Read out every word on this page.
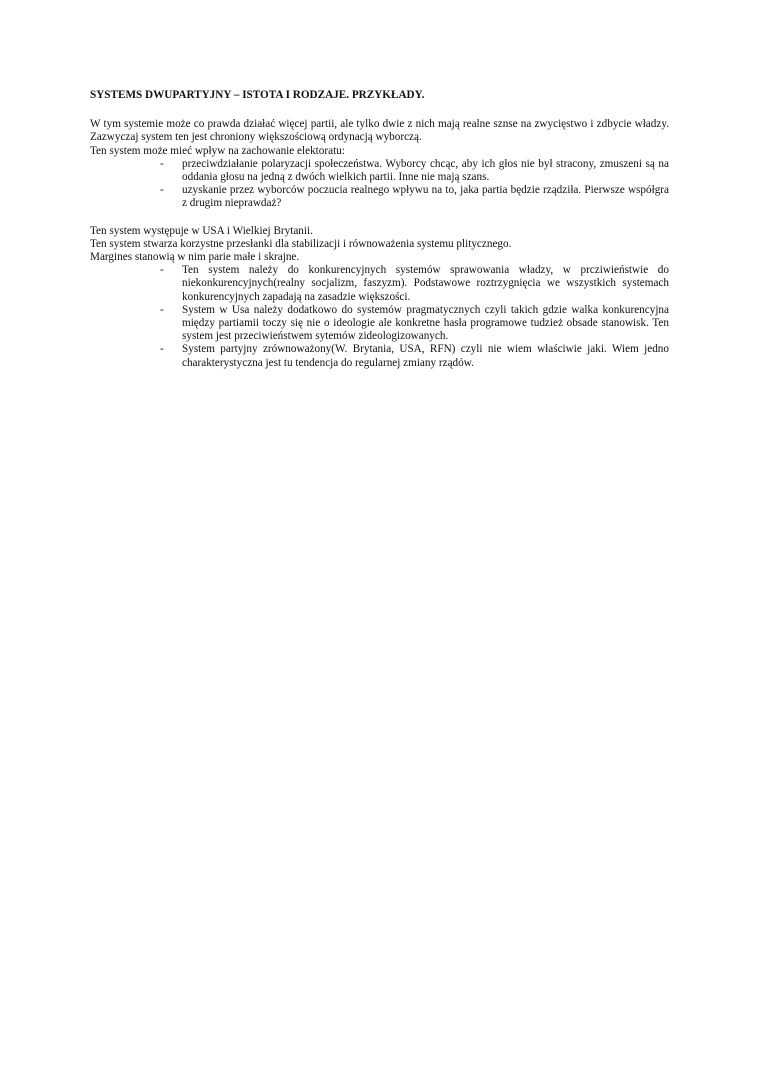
SYSTEMS DWUPARTYJNY – ISTOTA I RODZAJE. PRZYKŁADY.

W tym systemie może co prawda działać więcej partii, ale tylko dwie z nich mają realne sznse na zwycięstwo i zdbycie władzy. Zazwyczaj system ten jest chroniony większościową ordynacją wyborczą.

Ten system może mieć wpływ na zachowanie elektoratu:

- przeciwdziałanie polaryzacji społeczeństwa. Wyborcy chcąc, aby ich głos nie był stracony, zmuszeni są na oddania głosu na jedną z dwóch wielkich partii. Inne nie mają szans.
- uzyskanie przez wyborców poczucia realnego wpływu na to, jaka partia będzie rządziła. Pierwsze współgra z drugim nieprawdaż?

Ten system występuje w USA i Wielkiej Brytanii.

Ten system stwarza korzystne przesłanki dla stabilizacji i równoważenia systemu plitycznego.

Margines stanowią w nim parie małe i skrajne.

- Ten system należy do konkurencyjnych systemów sprawowania władzy, w prcziwieństwie do niekonkurencyjnych(realny socjalizm, faszyzm). Podstawowe roztrzygnięcia we wszystkich systemach konkurencyjnych zapadają na zasadzie większości.
- System w Usa należy dodatkowo do systemów pragmatycznych czyli takich gdzie walka konkurencyjna między partiamii toczy się nie o ideologie ale konkretne hasła programowe tudzież obsade stanowisk. Ten system jest przeciwieństwem sytemów zideologizowanych.
- System partyjny zrównoważony(W. Brytania, USA, RFN) czyli nie wiem właściwie jaki. Wiem jedno charakterystyczna jest tu tendencja do regularnej zmiany rządów.
